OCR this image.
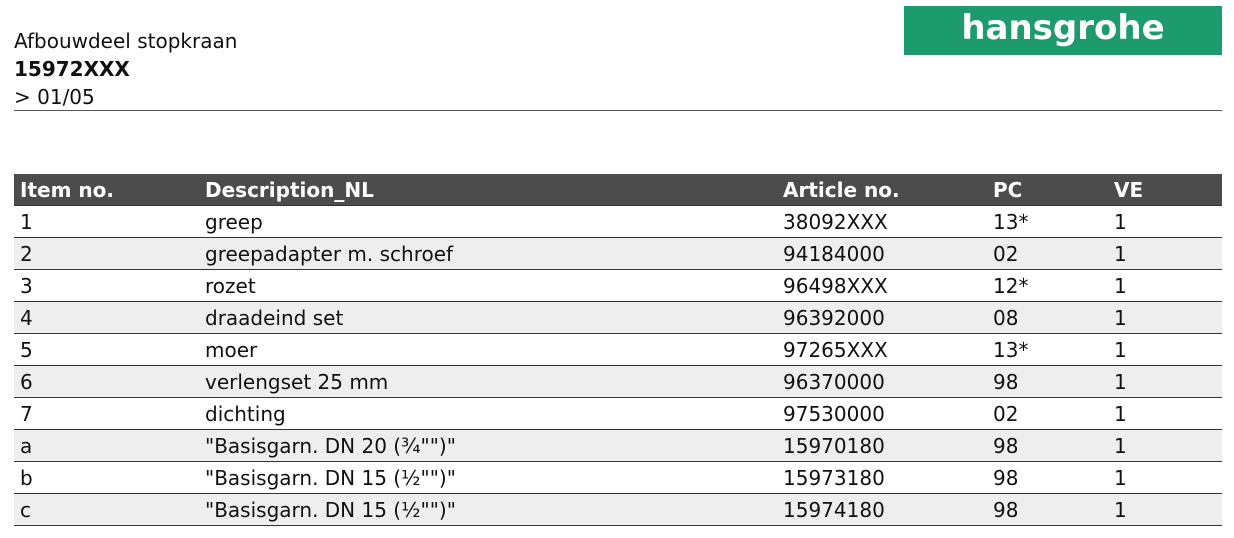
Afbouwdeel stopkraan
15972XXX
> 01/05
hansgrohe
Item no.	Description_NL	Article no.	PC	VE
1	greep	38092XXX	13*	1
2	greepadapter m. schroef	94184000	02	1
3	rozet	96498XXX	12*	1
4	draadeind set	96392000	08	1
5	moer	97265XXX	13*	1
6	verlengset 25 mm	96370000	98	1
7	dichting	97530000	02	1
a	"Basisgarn. DN 20 (¾"")"	15970180	98	1
b	"Basisgarn. DN 15 (½"")"	15973180	98	1
c	"Basisgarn. DN 15 (½"")"	15974180	98	1
